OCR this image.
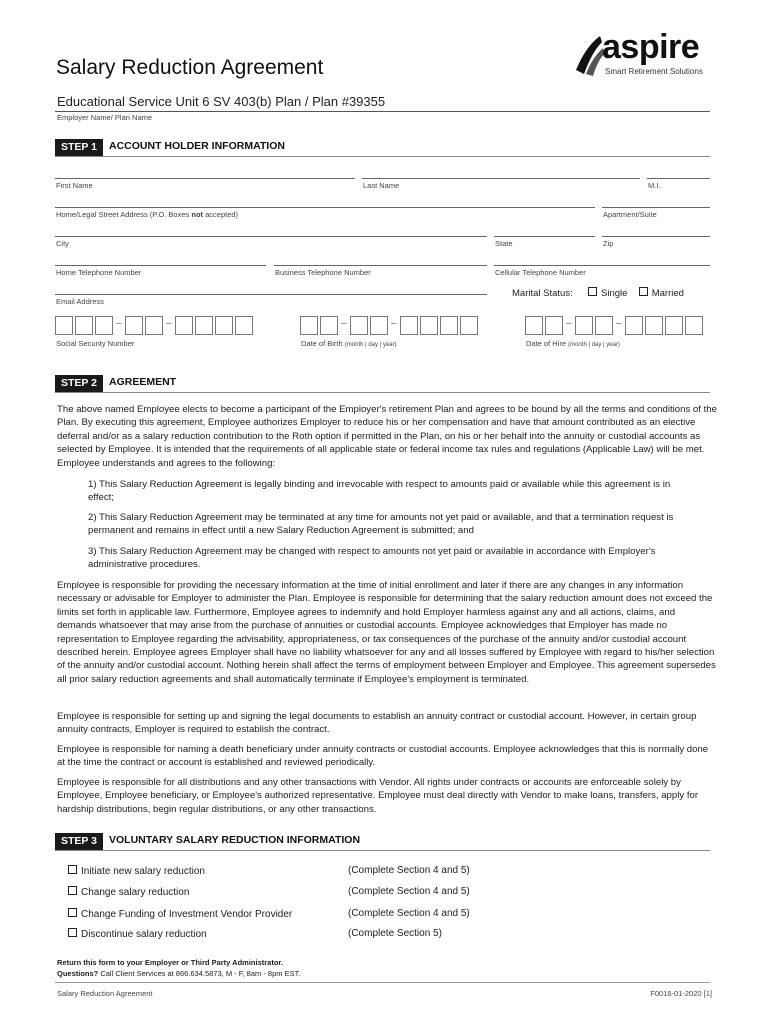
Salary Reduction Agreement
aspire
Smart Retirement Solutions
Educational Service Unit 6 SV 403(b) Plan / Plan #39355
Employer Name/ Plan Name
STEP 1	ACCOUNT HOLDER INFORMATION
First Name	Last Name	M.I.
Home/Legal Street Address (P.O. Boxes not accepted)	Apartment/Suite
City	State	Zip
Home Telephone Number	Business Telephone Number	Cellular Telephone Number
Marital Status:	Single	Married
Email Address
–	–
Social Security Number
–	–
Date of Birth (month | day | year)
–	–
Date of Hire (month | day | year)
STEP 2	AGREEMENT
The above named Employee elects to become a participant of the Employer's retirement Plan and agrees to be bound by all the terms and conditions of the Plan. By executing this agreement, Employee authorizes Employer to reduce his or her compensation and have that amount contributed as an elective deferral and/or as a salary reduction contribution to the Roth option if permitted in the Plan, on his or her behalf into the annuity or custodial accounts as selected by Employee. It is intended that the requirements of all applicable state or federal income tax rules and regulations (Applicable Law) will be met. Employee understands and agrees to the following:
1) This Salary Reduction Agreement is legally binding and irrevocable with respect to amounts paid or available while this agreement is in effect;
2) This Salary Reduction Agreement may be terminated at any time for amounts not yet paid or available, and that a termination request is permanent and remains in effect until a new Salary Reduction Agreement is submitted; and
3) This Salary Reduction Agreement may be changed with respect to amounts not yet paid or available in accordance with Employer's administrative procedures.
Employee is responsible for providing the necessary information at the time of initial enrollment and later if there are any changes in any information necessary or advisable for Employer to administer the Plan. Employee is responsible for determining that the salary reduction amount does not exceed the limits set forth in applicable law. Furthermore, Employee agrees to indemnify and hold Employer harmless against any and all actions, claims, and demands whatsoever that may arise from the purchase of annuities or custodial accounts. Employee acknowledges that Employer has made no representation to Employee regarding the advisability, appropriateness, or tax consequences of the purchase of the annuity and/or custodial account described herein. Employee agrees Employer shall have no liability whatsoever for any and all losses suffered by Employee with regard to his/her selection of the annuity and/or custodial account. Nothing herein shall affect the terms of employment between Employer and Employee. This agreement supersedes all prior salary reduction agreements and shall automatically terminate if Employee's employment is terminated.
Employee is responsible for setting up and signing the legal documents to establish an annuity contract or custodial account. However, in certain group annuity contracts, Employer is required to establish the contract.
Employee is responsible for naming a death beneficiary under annuity contracts or custodial accounts. Employee acknowledges that this is normally done at the time the contract or account is established and reviewed periodically.
Employee is responsible for all distributions and any other transactions with Vendor. All rights under contracts or accounts are enforceable solely by Employee, Employee beneficiary, or Employee's authorized representative. Employee must deal directly with Vendor to make loans, transfers, apply for hardship distributions, begin regular distributions, or any other transactions.
STEP 3	VOLUNTARY SALARY REDUCTION INFORMATION
Initiate new salary reduction	(Complete Section 4 and 5)
Change salary reduction	(Complete Section 4 and 5)
Change Funding of Investment Vendor Provider	(Complete Section 4 and 5)
Discontinue salary reduction	(Complete Section 5)
Return this form to your Employer or Third Party Administrator.
Questions? Call Client Services at 866.634.5873, M - F, 8am - 8pm EST.
Salary Reduction Agreement	F0016-01-2020 [1]
